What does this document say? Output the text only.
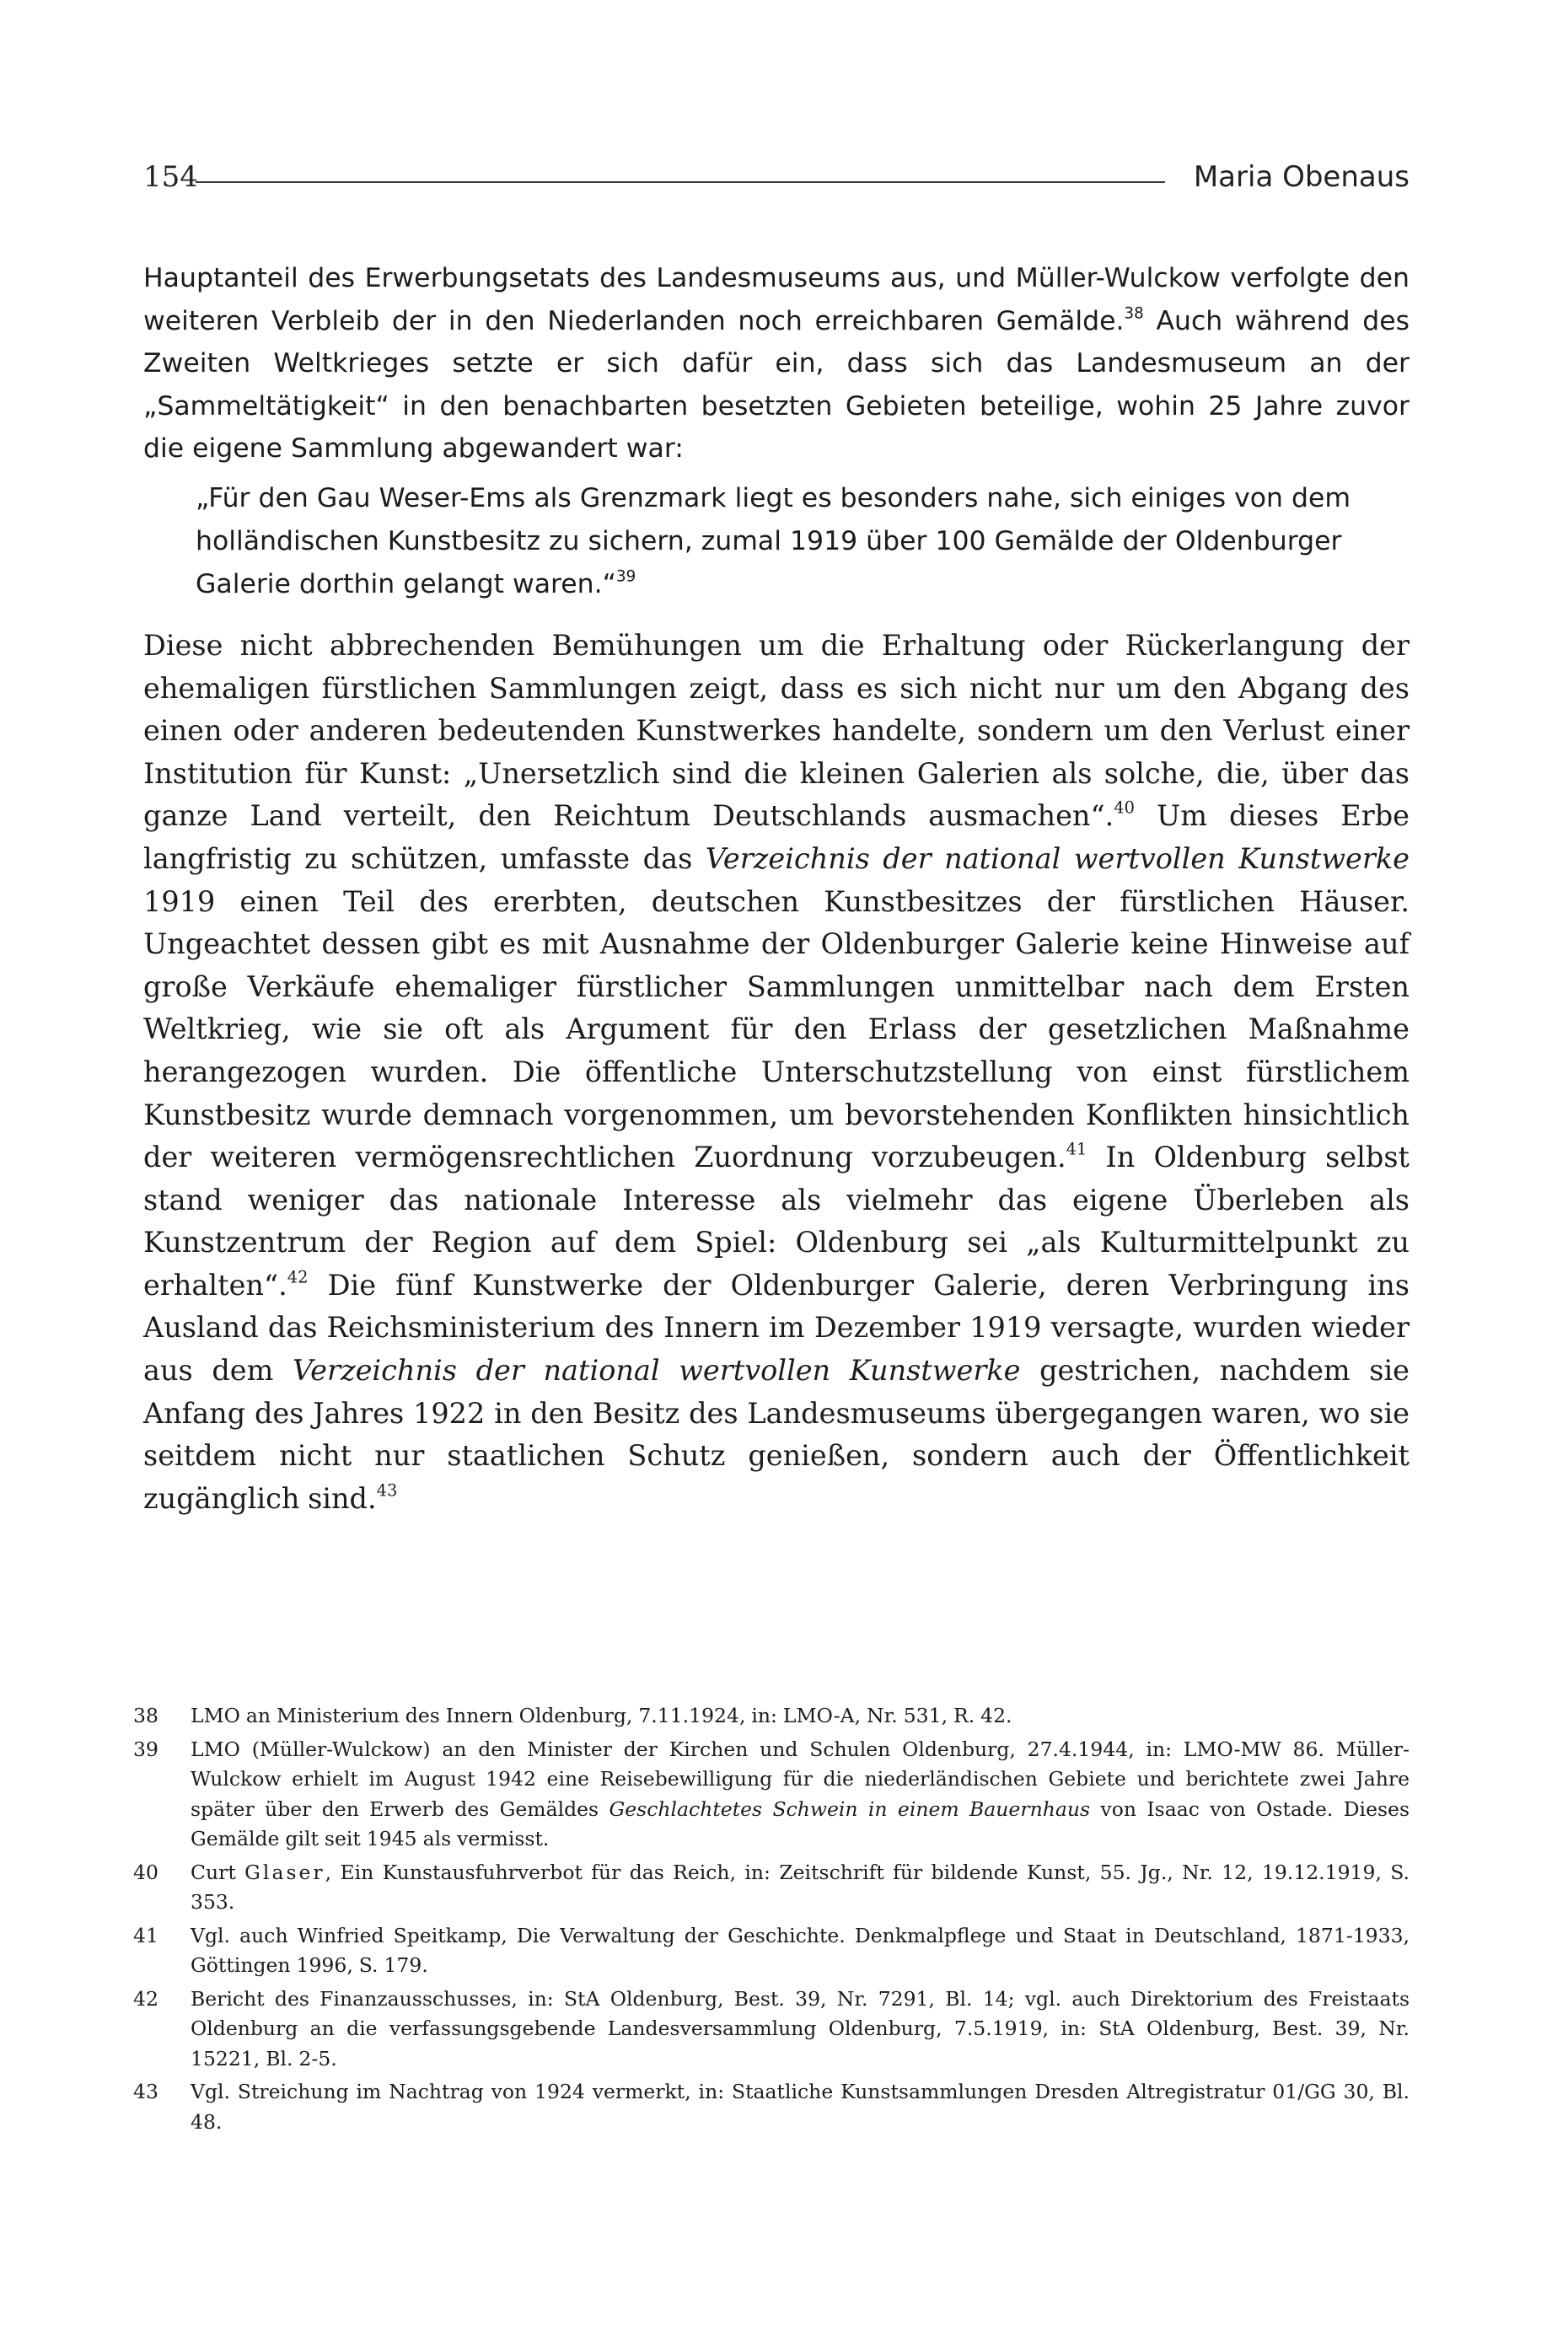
154	Maria Obenaus

Hauptanteil des Erwerbungsetats des Landesmuseums aus, und Müller-Wulckow verfolgte den weiteren Verbleib der in den Niederlanden noch erreichbaren Gemälde.$^{38}$ Auch während des Zweiten Weltkrieges setzte er sich dafür ein, dass sich das Landesmuseum an der „Sammeltätigkeit“ in den benachbarten besetzten Gebieten beteilige, wohin 25 Jahre zuvor die eigene Sammlung abgewandert war:

„Für den Gau Weser-Ems als Grenzmark liegt es besonders nahe, sich einiges von dem holländischen Kunstbesitz zu sichern, zumal 1919 über 100 Gemälde der Oldenburger Galerie dorthin gelangt waren.“$^{39}$

Diese nicht abbrechenden Bemühungen um die Erhaltung oder Rückerlangung der ehemaligen fürstlichen Sammlungen zeigt, dass es sich nicht nur um den Abgang des einen oder anderen bedeutenden Kunstwerkes handelte, sondern um den Verlust einer Institution für Kunst: „Unersetzlich sind die kleinen Galerien als solche, die, über das ganze Land verteilt, den Reichtum Deutschlands ausmachen“.$^{40}$ Um dieses Erbe langfristig zu schützen, umfasste das Verzeichnis der national wertvollen Kunstwerke 1919 einen Teil des ererbten, deutschen Kunstbesitzes der fürstlichen Häuser. Ungeachtet dessen gibt es mit Ausnahme der Oldenburger Galerie keine Hinweise auf große Verkäufe ehemaliger fürstlicher Sammlungen unmittelbar nach dem Ersten Weltkrieg, wie sie oft als Argument für den Erlass der gesetzlichen Maßnahme herangezogen wurden. Die öffentliche Unterschutzstellung von einst fürstlichem Kunstbesitz wurde demnach vorgenommen, um bevorstehenden Konflikten hinsichtlich der weiteren vermögensrechtlichen Zuordnung vorzubeugen.$^{41}$ In Oldenburg selbst stand weniger das nationale Interesse als vielmehr das eigene Überleben als Kunstzentrum der Region auf dem Spiel: Oldenburg sei „als Kulturmittelpunkt zu erhalten“.$^{42}$ Die fünf Kunstwerke der Oldenburger Galerie, deren Verbringung ins Ausland das Reichsministerium des Innern im Dezember 1919 versagte, wurden wieder aus dem Verzeichnis der national wertvollen Kunstwerke gestrichen, nachdem sie Anfang des Jahres 1922 in den Besitz des Landesmuseums übergegangen waren, wo sie seitdem nicht nur staatlichen Schutz genießen, sondern auch der Öffentlichkeit zugänglich sind.$^{43}$

38	LMO an Ministerium des Innern Oldenburg, 7.11.1924, in: LMO-A, Nr. 531, R. 42.
39	LMO (Müller-Wulckow) an den Minister der Kirchen und Schulen Oldenburg, 27.4.1944, in: LMO-MW 86. Müller-Wulckow erhielt im August 1942 eine Reisebewilligung für die niederländischen Gebiete und berichtete zwei Jahre später über den Erwerb des Gemäldes Geschlachtetes Schwein in einem Bauernhaus von Isaac von Ostade. Dieses Gemälde gilt seit 1945 als vermisst.
40	Curt Glaser, Ein Kunstausfuhrverbot für das Reich, in: Zeitschrift für bildende Kunst, 55. Jg., Nr. 12, 19.12.1919, S. 353.
41	Vgl. auch Winfried Speitkamp, Die Verwaltung der Geschichte. Denkmalpflege und Staat in Deutschland, 1871-1933, Göttingen 1996, S. 179.
42	Bericht des Finanzausschusses, in: StA Oldenburg, Best. 39, Nr. 7291, Bl. 14; vgl. auch Direktorium des Freistaats Oldenburg an die verfassungsgebende Landesversammlung Oldenburg, 7.5.1919, in: StA Oldenburg, Best. 39, Nr. 15221, Bl. 2-5.
43	Vgl. Streichung im Nachtrag von 1924 vermerkt, in: Staatliche Kunstsammlungen Dresden Altregistratur 01/GG 30, Bl. 48.
